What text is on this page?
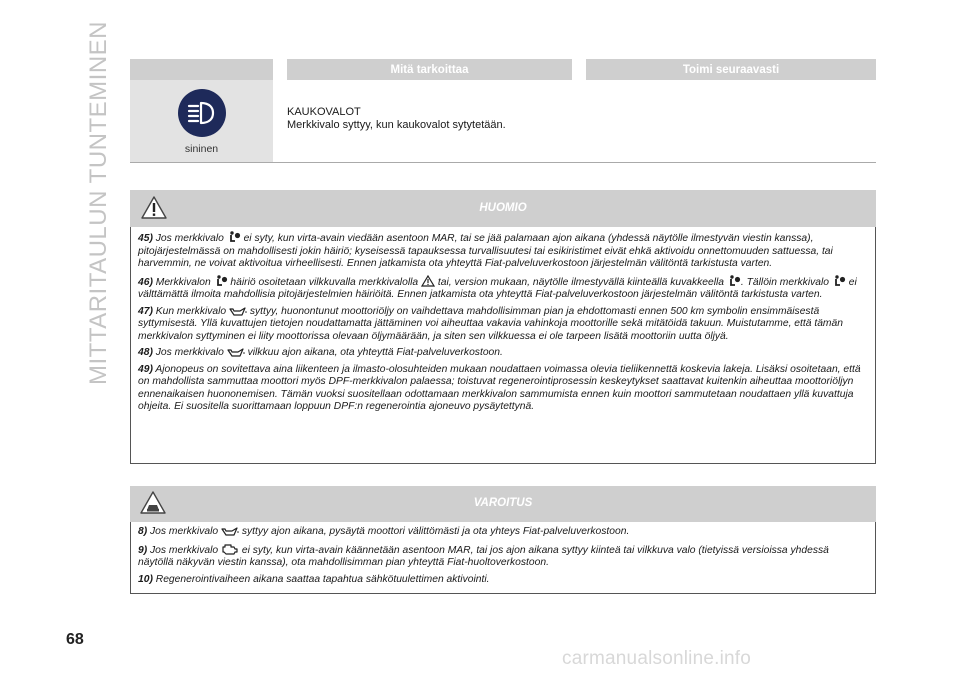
MITTARITAULUN TUNTEMINEN	Mitä tarkoittaa	Toimi seuraavasti
sininen
KAUKOVALOT
Merkkivalo syttyy, kun kaukovalot sytytetään.
HUOMIO

45) Jos merkkivalo  ei syty, kun virta-avain viedään asentoon MAR, tai se jää palamaan ajon aikana (yhdessä näytölle ilmestyvän viestin kanssa), pitojärjestelmässä on mahdollisesti jokin häiriö; kyseisessä tapauksessa turvallisuutesi tai esikiristimet eivät ehkä aktivoidu onnettomuuden sattuessa, tai harvemmin, ne voivat aktivoitua virheellisesti. Ennen jatkamista ota yhteyttä Fiat-palveluverkostoon järjestelmän välitöntä tarkistusta varten.

46) Merkkivalon  häiriö osoitetaan vilkkuvalla merkkivalolla  tai, version mukaan, näytölle ilmestyvällä kiinteällä kuvakkeella . Tällöin merkkivalo  ei välttämättä ilmoita mahdollisia pitojärjestelmien häiriöitä. Ennen jatkamista ota yhteyttä Fiat-palveluverkostoon järjestelmän välitöntä tarkistusta varten.

47) Kun merkkivalo  syttyy, huonontunut moottoriöljy on vaihdettava mahdollisimman pian ja ehdottomasti ennen 500 km symbolin ensimmäisestä syttymisestä. Yllä kuvattujen tietojen noudattamatta jättäminen voi aiheuttaa vakavia vahinkoja moottorille sekä mitätöidä takuun. Muistutamme, että tämän merkkivalon syttyminen ei liity moottorissa olevaan öljymäärään, ja siten sen vilkkuessa ei ole tarpeen lisätä moottoriin uutta öljyä.

48) Jos merkkivalo  vilkkuu ajon aikana, ota yhteyttä Fiat-palveluverkostoon.

49) Ajonopeus on sovitettava aina liikenteen ja ilmasto-olosuhteiden mukaan noudattaen voimassa olevia tieliikennettä koskevia lakeja. Lisäksi osoitetaan, että on mahdollista sammuttaa moottori myös DPF-merkkivalon palaessa; toistuvat regenerointiprosessin keskeytykset saattavat kuitenkin aiheuttaa moottoriöljyn ennenaikaisen huononemisen. Tämän vuoksi suositellaan odottamaan merkkivalon sammumista ennen kuin moottori sammutetaan noudattaen yllä kuvattuja ohjeita. Ei suositella suorittamaan loppuun DPF:n regenerointia ajoneuvo pysäytettynä.

VAROITUS

8) Jos merkkivalo  syttyy ajon aikana, pysäytä moottori välittömästi ja ota yhteys Fiat-palveluverkostoon.

9) Jos merkkivalo  ei syty, kun virta-avain käännetään asentoon MAR, tai jos ajon aikana syttyy kiinteä tai vilkkuva valo (tietyissä versioissa yhdessä näytöllä näkyvän viestin kanssa), ota mahdollisimman pian yhteyttä Fiat-huoltoverkostoon.

10) Regenerointivaiheen aikana saattaa tapahtua sähkötuulettimen aktivointi.

68
carmanualsonline.info
